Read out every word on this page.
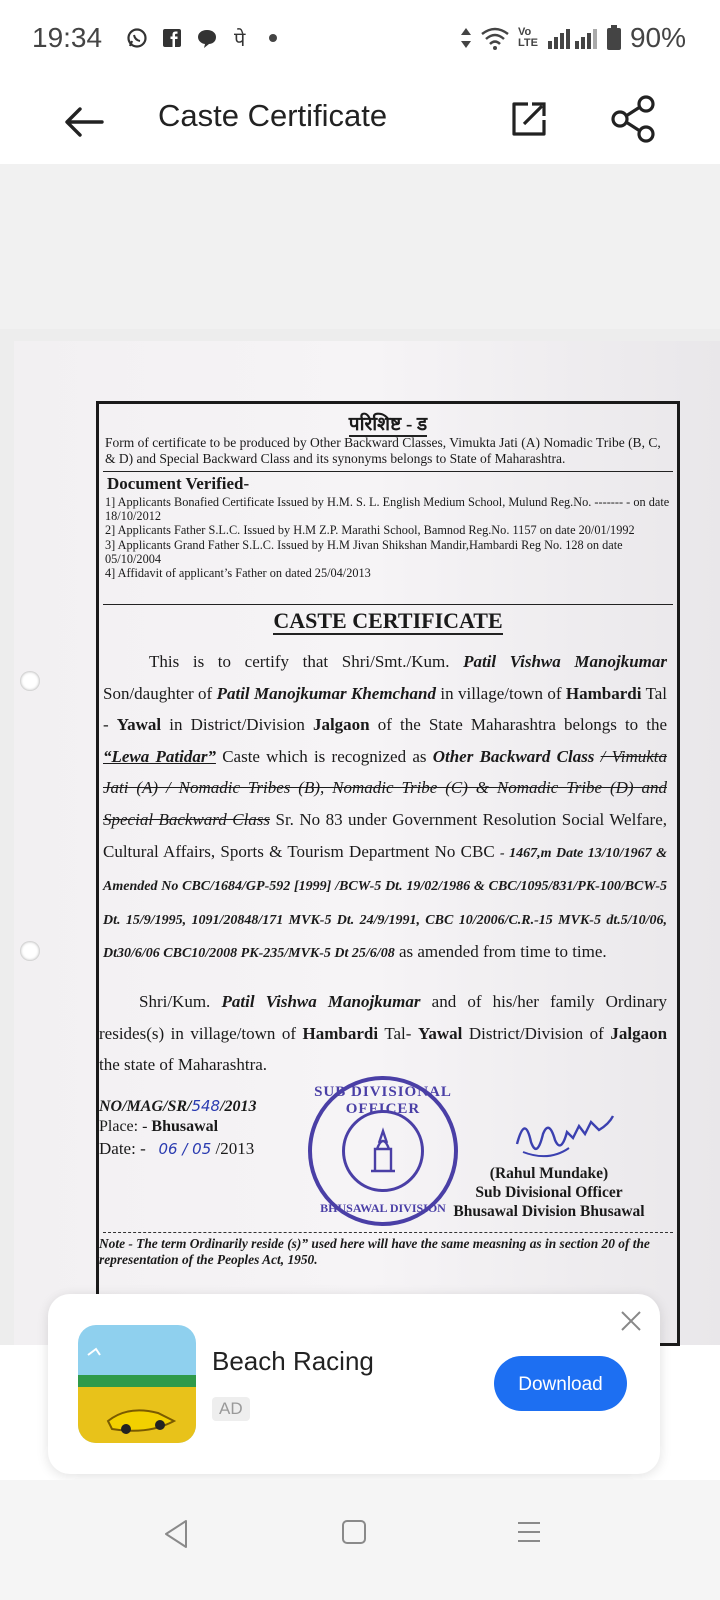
19:34	पे	Vo LTE	90%
Caste Certificate
परिशिष्ट - ड
Form of certificate to be produced by Other Backward Classes, Vimukta Jati (A) Nomadic Tribe (B, C, & D) and Special Backward Class and its synonyms belongs to State of Maharashtra.
Document Verified-
1] Applicants Bonafied Certificate Issued by H.M. S. L. English Medium School, Mulund Reg.No. ------- - on date 18/10/2012
2] Applicants Father S.L.C. Issued by H.M Z.P. Marathi School, Bamnod Reg.No. 1157 on date 20/01/1992
3] Applicants Grand Father S.L.C. Issued by H.M Jivan Shikshan Mandir,Hambardi Reg No. 128 on date 05/10/2004
4] Affidavit of applicant’s Father on dated 25/04/2013
CASTE CERTIFICATE
This is to certify that Shri/Smt./Kum. Patil Vishwa Manojkumar Son/daughter of Patil Manojkumar Khemchand in village/town of Hambardi Tal - Yawal in District/Division Jalgaon of the State Maharashtra belongs to the “Lewa Patidar” Caste which is recognized as Other Backward Class / Vimukta Jati (A) / Nomadic Tribes (B), Nomadic Tribe (C) & Nomadic Tribe (D) and Special Backward Class Sr. No 83 under Government Resolution Social Welfare, Cultural Affairs, Sports & Tourism Department No CBC - 1467,m Date 13/10/1967 & Amended No CBC/1684/GP-592 [1999] /BCW-5 Dt. 19/02/1986 & CBC/1095/831/PK-100/BCW-5 Dt. 15/9/1995, 1091/20848/171 MVK-5 Dt. 24/9/1991, CBC 10/2006/C.R.-15 MVK-5 dt.5/10/06, Dt30/6/06 CBC10/2008 PK-235/MVK-5 Dt 25/6/08 as amended from time to time.
Shri/Kum. Patil Vishwa Manojkumar and of his/her family Ordinary resides(s) in village/town of Hambardi Tal- Yawal District/Division of Jalgaon the state of Maharashtra.
NO/MAG/SR/548/2013
Place: - Bhusawal
Date: - 06 / 05 /2013
SUB DIVISIONAL OFFICER
BHUSAWAL DIVISION
(Rahul Mundake)
Sub Divisional Officer
Bhusawal Division Bhusawal
Note - The term Ordinarily reside (s)” used here will have the same measning as in section 20 of the representation of the Peoples Act, 1950.
Beach Racing
AD
Download
